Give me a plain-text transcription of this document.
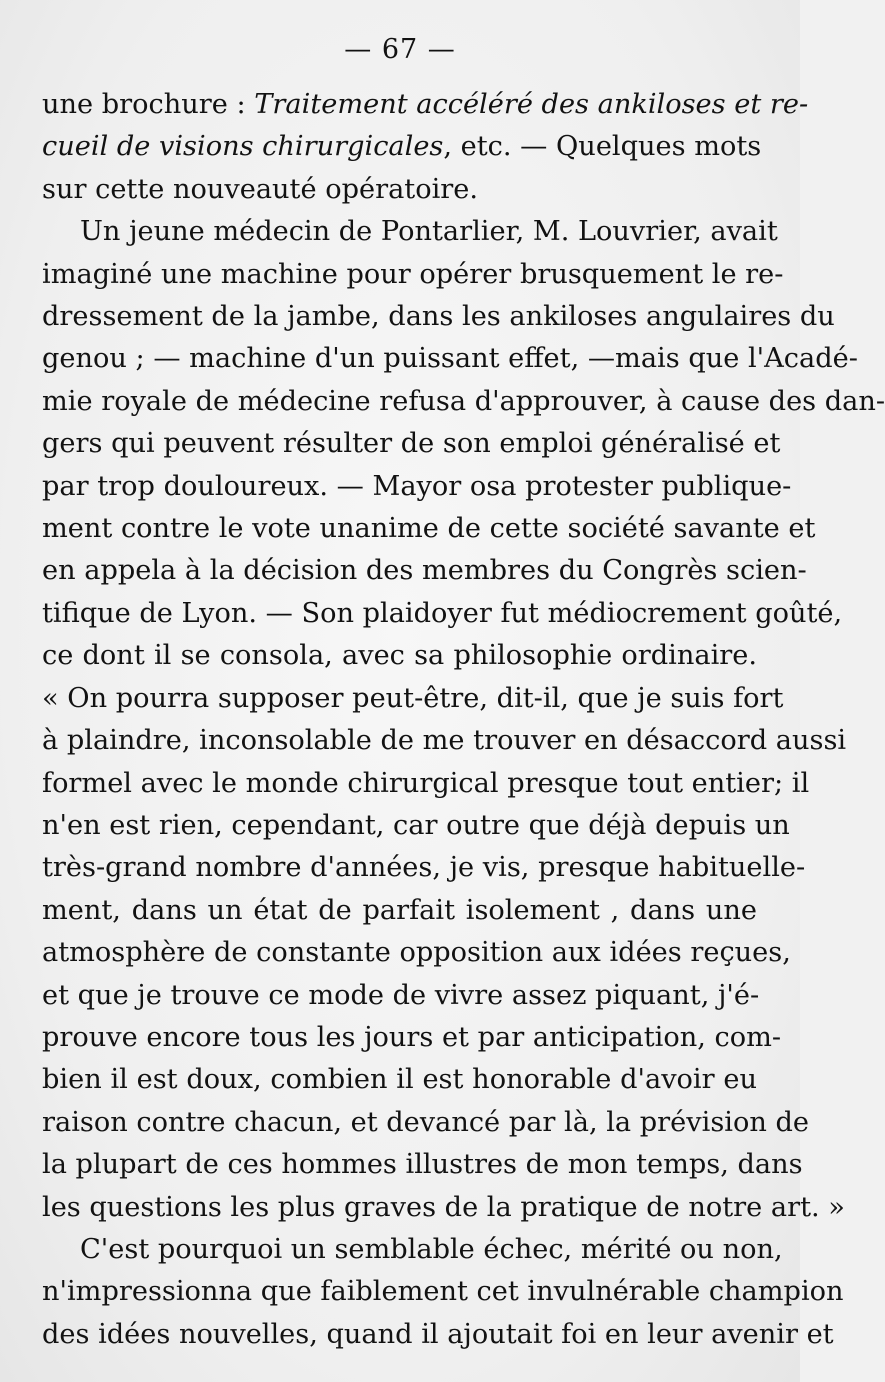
— 67 —
une brochure : Traitement accéléré des ankiloses et re-
cueil de visions chirurgicales, etc. — Quelques mots
sur cette nouveauté opératoire.
Un jeune médecin de Pontarlier, M. Louvrier, avait
imaginé une machine pour opérer brusquement le re-
dressement de la jambe, dans les ankiloses angulaires du
genou ; — machine d'un puissant effet, —mais que l'Acadé-
mie royale de médecine refusa d'approuver, à cause des dan-
gers qui peuvent résulter de son emploi généralisé et
par trop douloureux. — Mayor osa protester publique-
ment contre le vote unanime de cette société savante et
en appela à la décision des membres du Congrès scien-
tifique de Lyon. — Son plaidoyer fut médiocrement goûté,
ce dont il se consola, avec sa philosophie ordinaire.
« On pourra supposer peut-être, dit-il, que je suis fort
à plaindre, inconsolable de me trouver en désaccord aussi
formel avec le monde chirurgical presque tout entier; il
n'en est rien, cependant, car outre que déjà depuis un
très-grand nombre d'années, je vis, presque habituelle-
ment, dans un état de parfait isolement , dans une
atmosphère de constante opposition aux idées reçues,
et que je trouve ce mode de vivre assez piquant, j'é-
prouve encore tous les jours et par anticipation, com-
bien il est doux, combien il est honorable d'avoir eu
raison contre chacun, et devancé par là, la prévision de
la plupart de ces hommes illustres de mon temps, dans
les questions les plus graves de la pratique de notre art. »
C'est pourquoi un semblable échec, mérité ou non,
n'impressionna que faiblement cet invulnérable champion
des idées nouvelles, quand il ajoutait foi en leur avenir et
